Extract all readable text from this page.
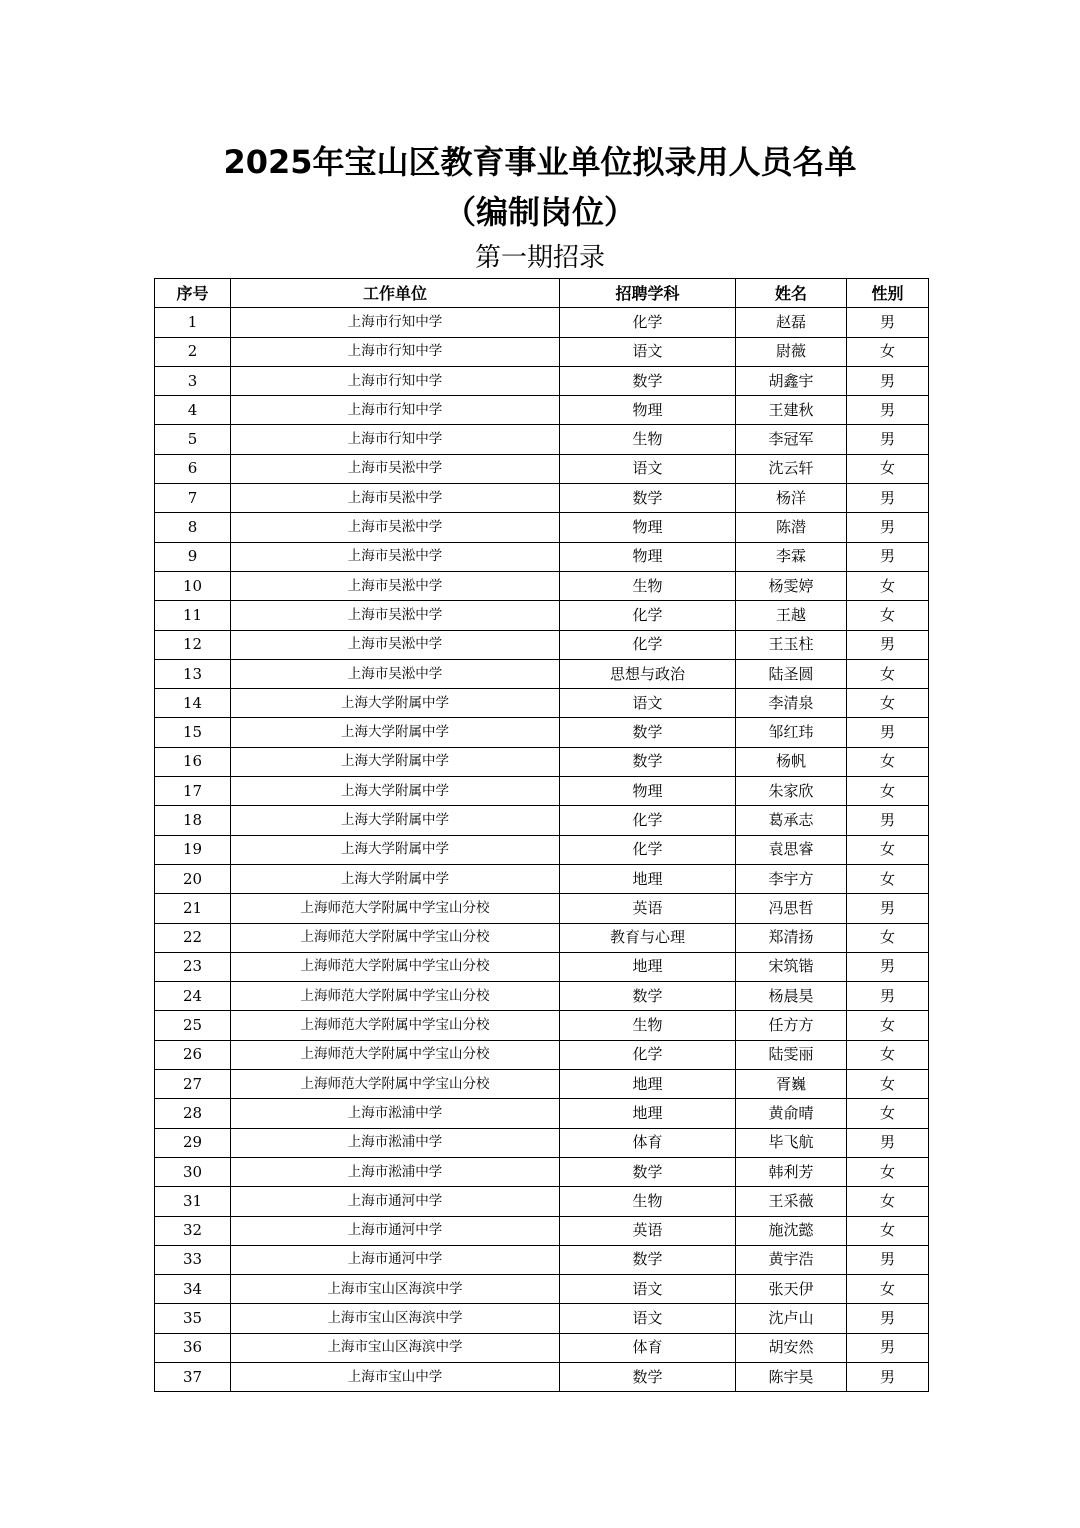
2025年宝山区教育事业单位拟录用人员名单
（编制岗位）
第一期招录
序号	工作单位	招聘学科	姓名	性别
1	上海市行知中学	化学	赵磊	男
2	上海市行知中学	语文	尉薇	女
3	上海市行知中学	数学	胡鑫宇	男
4	上海市行知中学	物理	王建秋	男
5	上海市行知中学	生物	李冠军	男
6	上海市吴淞中学	语文	沈云轩	女
7	上海市吴淞中学	数学	杨洋	男
8	上海市吴淞中学	物理	陈潜	男
9	上海市吴淞中学	物理	李霖	男
10	上海市吴淞中学	生物	杨雯婷	女
11	上海市吴淞中学	化学	王越	女
12	上海市吴淞中学	化学	王玉柱	男
13	上海市吴淞中学	思想与政治	陆圣圆	女
14	上海大学附属中学	语文	李清泉	女
15	上海大学附属中学	数学	邹红玮	男
16	上海大学附属中学	数学	杨帆	女
17	上海大学附属中学	物理	朱家欣	女
18	上海大学附属中学	化学	葛承志	男
19	上海大学附属中学	化学	袁思睿	女
20	上海大学附属中学	地理	李宇方	女
21	上海师范大学附属中学宝山分校	英语	冯思哲	男
22	上海师范大学附属中学宝山分校	教育与心理	郑清扬	女
23	上海师范大学附属中学宝山分校	地理	宋筑锴	男
24	上海师范大学附属中学宝山分校	数学	杨晨昊	男
25	上海师范大学附属中学宝山分校	生物	任方方	女
26	上海师范大学附属中学宝山分校	化学	陆雯丽	女
27	上海师范大学附属中学宝山分校	地理	胥巍	女
28	上海市淞浦中学	地理	黄俞晴	女
29	上海市淞浦中学	体育	毕飞航	男
30	上海市淞浦中学	数学	韩利芳	女
31	上海市通河中学	生物	王采薇	女
32	上海市通河中学	英语	施沈懿	女
33	上海市通河中学	数学	黄宇浩	男
34	上海市宝山区海滨中学	语文	张天伊	女
35	上海市宝山区海滨中学	语文	沈卢山	男
36	上海市宝山区海滨中学	体育	胡安然	男
37	上海市宝山中学	数学	陈宇昊	男
